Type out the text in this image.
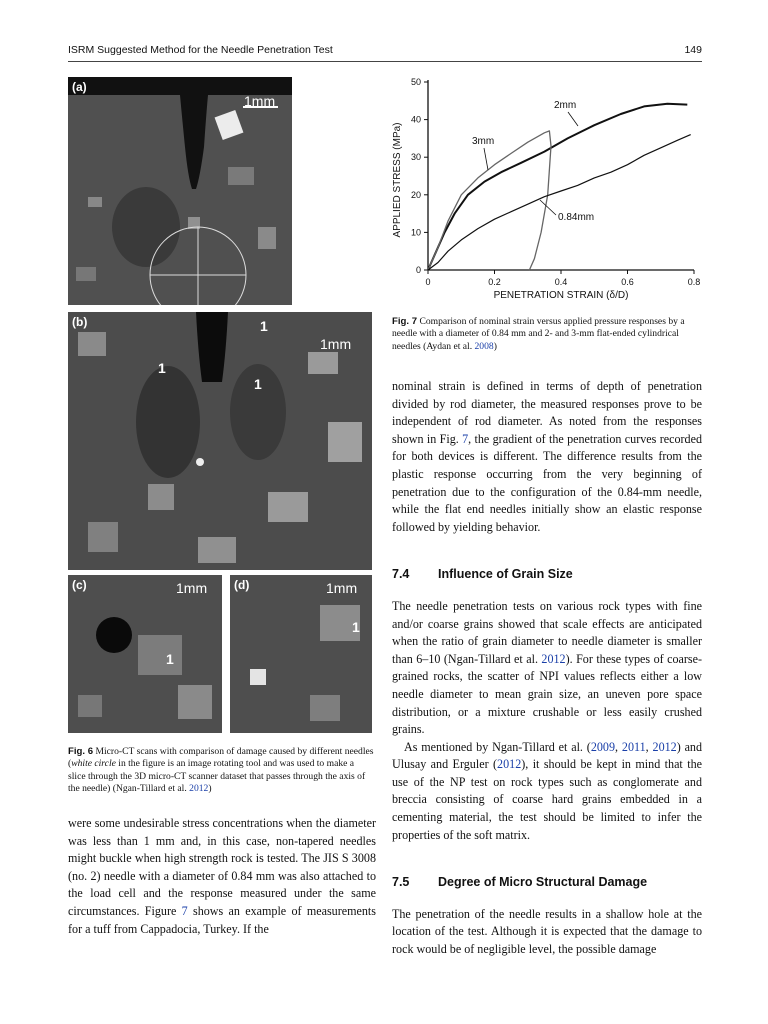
ISRM Suggested Method for the Needle Penetration Test	149
(a)
1mm
(b)
1mm
1
1
1
(c)	1mm
1
(d)	1mm
1
Fig. 6 Micro-CT scans with comparison of damage caused by different needles (white circle in the figure is an image rotating tool and was used to make a slice through the 3D micro-CT scanner dataset that passes through the axis of the needle) (Ngan-Tillard et al. 2012)

were some undesirable stress concentrations when the diameter was less than 1 mm and, in this case, non-tapered needles might buckle when high strength rock is tested. The JIS S 3008 (no. 2) needle with a diameter of 0.84 mm was also attached to the load cell and the response measured under the same circumstances. Figure 7 shows an example of measurements for a tuff from Cappadocia, Turkey. If the

0	0.2	0.4	0.6	0.8
0
10
20
30
40
50
PENETRATION STRAIN (δ/D)
APPLIED STRESS (MPa)
2mm
3mm
0.84mm
Fig. 7 Comparison of nominal strain versus applied pressure responses by a needle with a diameter of 0.84 mm and 2- and 3-mm flat-ended cylindrical needles (Aydan et al. 2008)

nominal strain is defined in terms of depth of penetration divided by rod diameter, the measured responses prove to be independent of rod diameter. As noted from the responses shown in Fig. 7, the gradient of the penetration curves recorded for both devices is different. The difference results from the plastic response occurring from the very beginning of penetration due to the configuration of the 0.84-mm needle, while the flat end needles initially show an elastic response followed by yielding behavior.

7.4 Influence of Grain Size

The needle penetration tests on various rock types with fine and/or coarse grains showed that scale effects are anticipated when the ratio of grain diameter to needle diameter is smaller than 6–10 (Ngan-Tillard et al. 2012). For these types of coarse-grained rocks, the scatter of NPI values reflects either a low needle diameter to mean grain size, an uneven pore space distribution, or a mixture crushable or less easily crushed grains.

As mentioned by Ngan-Tillard et al. (2009, 2011, 2012) and Ulusay and Erguler (2012), it should be kept in mind that the use of the NP test on rock types such as conglomerate and breccia consisting of coarse hard grains embedded in a cementing material, the test should be limited to infer the properties of the soft matrix.

7.5 Degree of Micro Structural Damage

The penetration of the needle results in a shallow hole at the location of the test. Although it is expected that the damage to rock would be of negligible level, the possible damage
